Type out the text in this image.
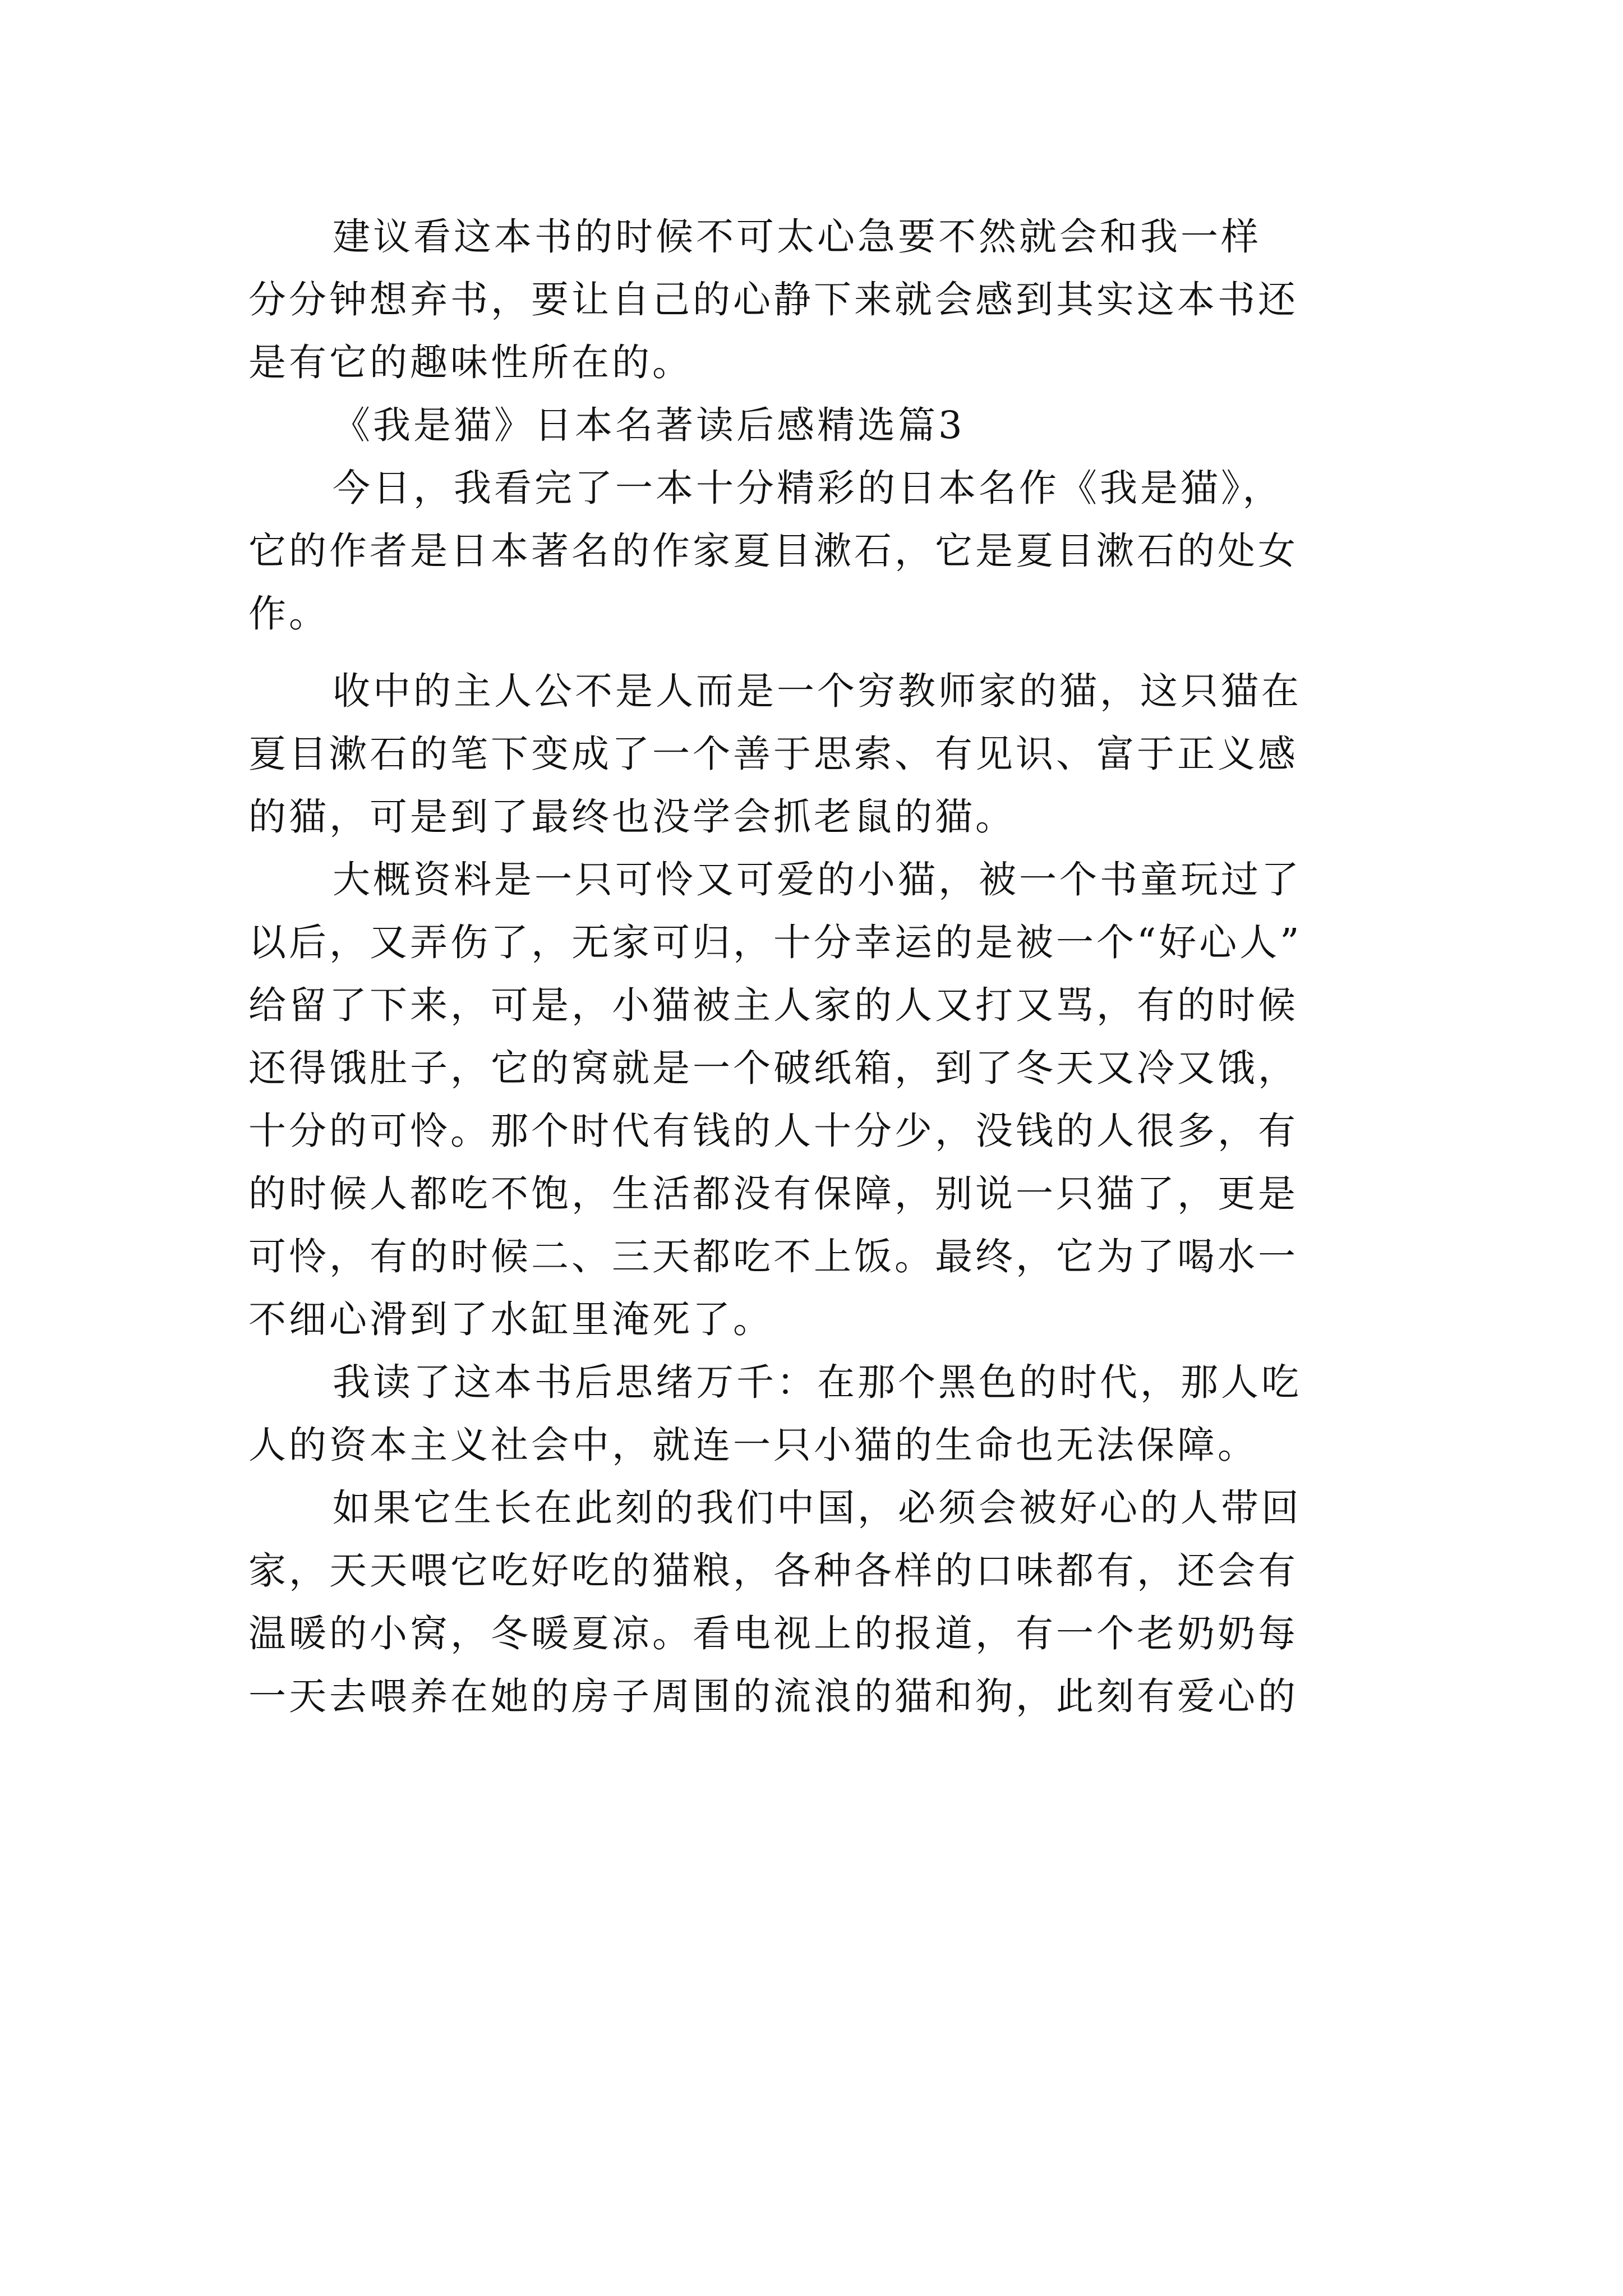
建议看这本书的时候不可太心急要不然就会和我一样
分分钟想弃书，要让自己的心静下来就会感到其实这本书还
是有它的趣味性所在的。
《我是猫》日本名著读后感精选篇3
今日，我看完了一本十分精彩的日本名作《我是猫》，
它的作者是日本著名的作家夏目漱石，它是夏目漱石的处女
作。
收中的主人公不是人而是一个穷教师家的猫，这只猫在
夏目漱石的笔下变成了一个善于思索、有见识、富于正义感
的猫，可是到了最终也没学会抓老鼠的猫。
大概资料是一只可怜又可爱的小猫，被一个书童玩过了
以后，又弄伤了，无家可归，十分幸运的是被一个“好心人”
给留了下来，可是，小猫被主人家的人又打又骂，有的时候
还得饿肚子，它的窝就是一个破纸箱，到了冬天又冷又饿，
十分的可怜。那个时代有钱的人十分少，没钱的人很多，有
的时候人都吃不饱，生活都没有保障，别说一只猫了，更是
可怜，有的时候二、三天都吃不上饭。最终，它为了喝水一
不细心滑到了水缸里淹死了。
我读了这本书后思绪万千：在那个黑色的时代，那人吃
人的资本主义社会中，就连一只小猫的生命也无法保障。
如果它生长在此刻的我们中国，必须会被好心的人带回
家，天天喂它吃好吃的猫粮，各种各样的口味都有，还会有
温暖的小窝，冬暖夏凉。看电视上的报道，有一个老奶奶每
一天去喂养在她的房子周围的流浪的猫和狗，此刻有爱心的
